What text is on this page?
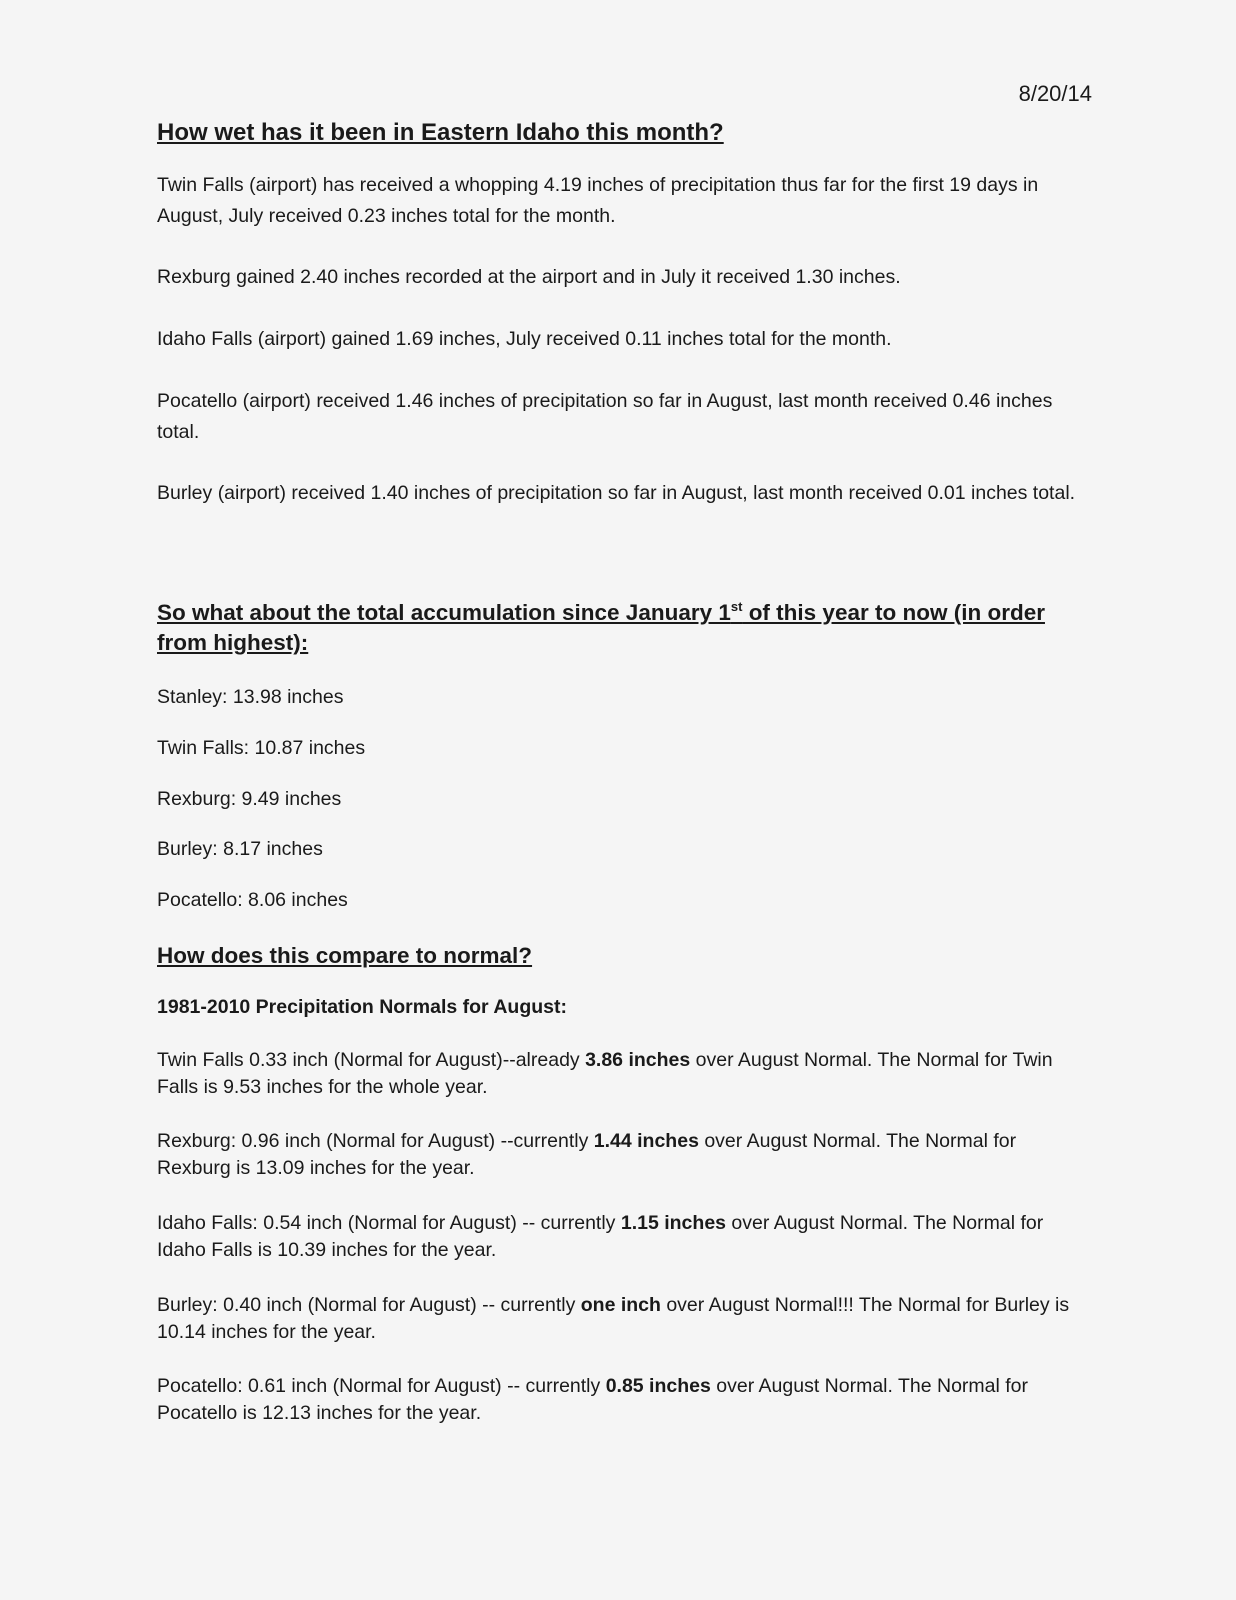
8/20/14
How wet has it been in Eastern Idaho this month?

Twin Falls (airport) has received a whopping 4.19 inches of precipitation thus far for the first 19 days in August, July received 0.23 inches total for the month.

Rexburg gained 2.40 inches recorded at the airport and in July it received 1.30 inches.

Idaho Falls (airport) gained 1.69 inches, July received 0.11 inches total for the month.

Pocatello (airport) received 1.46 inches of precipitation so far in August, last month received 0.46 inches total.

Burley (airport) received 1.40 inches of precipitation so far in August, last month received 0.01 inches total.

So what about the total accumulation since January 1st of this year to now (in order from highest):

Stanley: 13.98 inches

Twin Falls: 10.87 inches

Rexburg: 9.49 inches

Burley: 8.17 inches

Pocatello: 8.06 inches

How does this compare to normal?

1981-2010 Precipitation Normals for August:

Twin Falls 0.33 inch (Normal for August)--already 3.86 inches over August Normal. The Normal for Twin Falls is 9.53 inches for the whole year.

Rexburg: 0.96 inch (Normal for August) --currently 1.44 inches over August Normal. The Normal for Rexburg is 13.09 inches for the year.

Idaho Falls: 0.54 inch (Normal for August) -- currently 1.15 inches over August Normal. The Normal for Idaho Falls is 10.39 inches for the year.

Burley: 0.40 inch (Normal for August) -- currently one inch over August Normal!!! The Normal for Burley is 10.14 inches for the year.

Pocatello: 0.61 inch (Normal for August) -- currently 0.85 inches over August Normal. The Normal for Pocatello is 12.13 inches for the year.
